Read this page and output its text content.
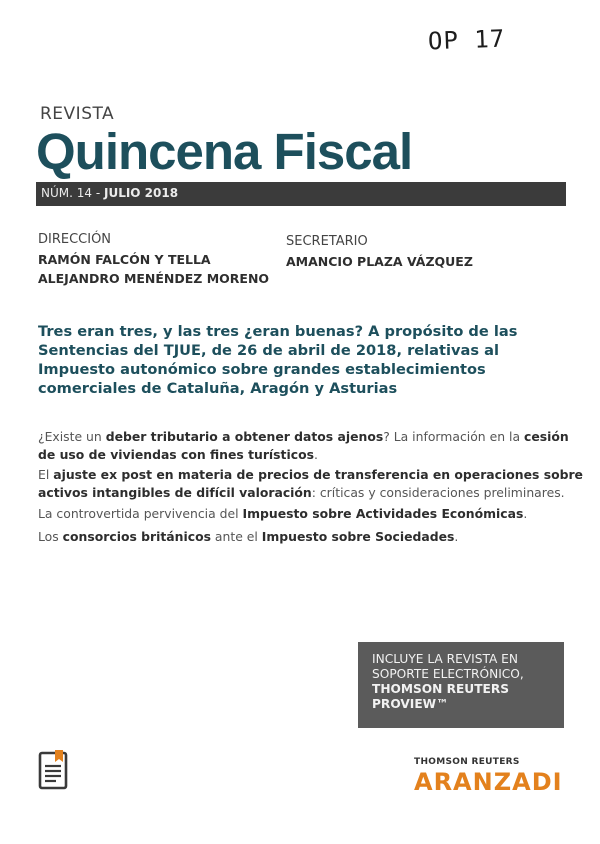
OP 17
REVISTA
Quincena Fiscal
NÚM. 14 - JULIO 2018
DIRECCIÓN
RAMÓN FALCÓN Y TELLA
ALEJANDRO MENÉNDEZ MORENO
SECRETARIO
AMANCIO PLAZA VÁZQUEZ
Tres eran tres, y las tres ¿eran buenas? A propósito de las
Sentencias del TJUE, de 26 de abril de 2018, relativas al
Impuesto autonómico sobre grandes establecimientos
comerciales de Cataluña, Aragón y Asturias
¿Existe un deber tributario a obtener datos ajenos? La información en la cesión
de uso de viviendas con fines turísticos.
El ajuste ex post en materia de precios de transferencia en operaciones sobre
activos intangibles de difícil valoración: críticas y consideraciones preliminares.
La controvertida pervivencia del Impuesto sobre Actividades Económicas.
Los consorcios británicos ante el Impuesto sobre Sociedades.
INCLUYE LA REVISTA EN
SOPORTE ELECTRÓNICO,
THOMSON REUTERS
PROVIEW™
THOMSON REUTERS
ARANZADI
